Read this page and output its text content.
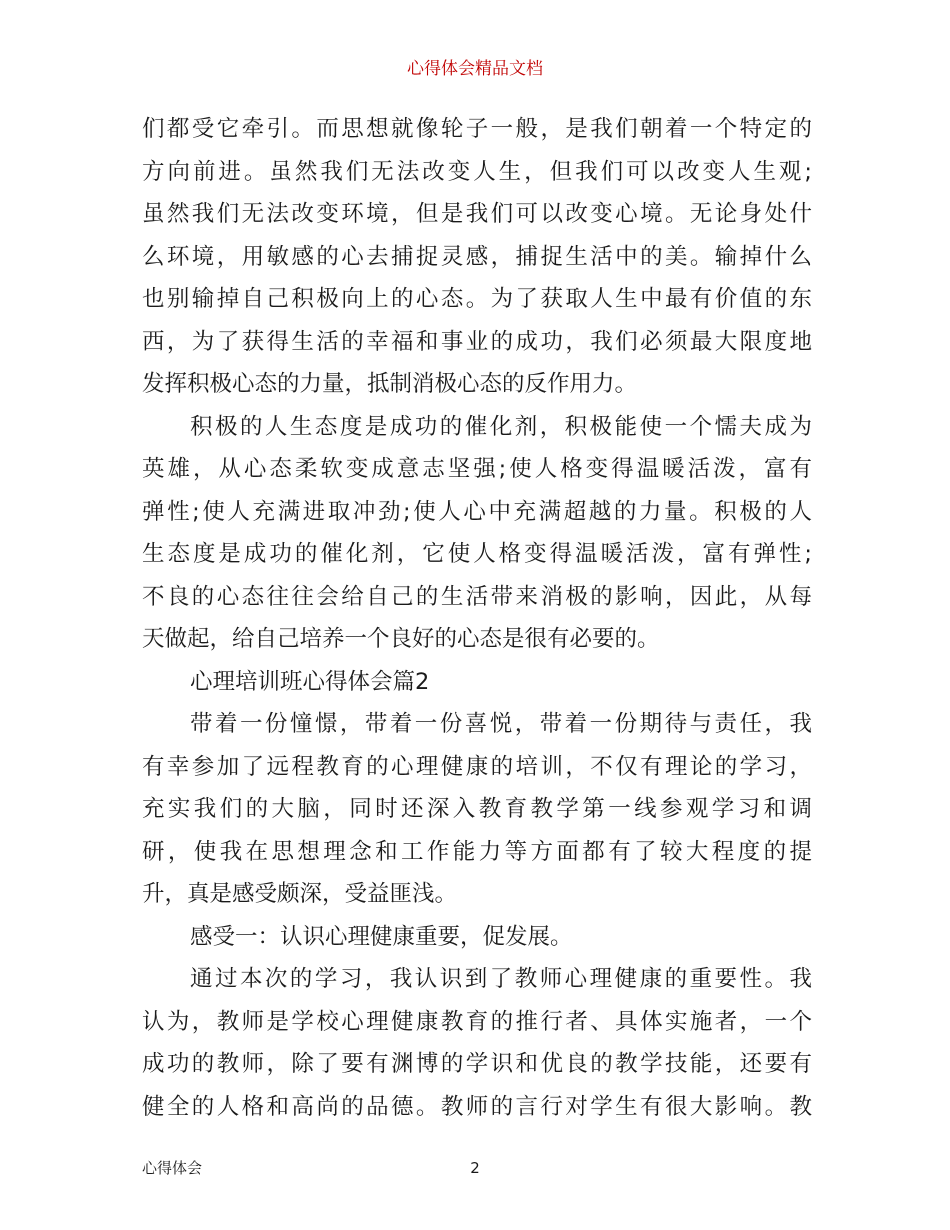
心得体会精品文档
们都受它牵引。而思想就像轮子一般，是我们朝着一个特定的
方向前进。虽然我们无法改变人生，但我们可以改变人生观;
虽然我们无法改变环境，但是我们可以改变心境。无论身处什
么环境，用敏感的心去捕捉灵感，捕捉生活中的美。输掉什么
也别输掉自己积极向上的心态。为了获取人生中最有价值的东
西，为了获得生活的幸福和事业的成功，我们必须最大限度地
发挥积极心态的力量，抵制消极心态的反作用力。
积极的人生态度是成功的催化剂，积极能使一个懦夫成为
英雄，从心态柔软变成意志坚强;使人格变得温暖活泼，富有
弹性;使人充满进取冲劲;使人心中充满超越的力量。积极的人
生态度是成功的催化剂，它使人格变得温暖活泼，富有弹性;
不良的心态往往会给自己的生活带来消极的影响，因此，从每
天做起，给自己培养一个良好的心态是很有必要的。
心理培训班心得体会篇2
带着一份憧憬，带着一份喜悦，带着一份期待与责任，我
有幸参加了远程教育的心理健康的培训，不仅有理论的学习，
充实我们的大脑，同时还深入教育教学第一线参观学习和调
研，使我在思想理念和工作能力等方面都有了较大程度的提
升，真是感受颇深，受益匪浅。
感受一：认识心理健康重要，促发展。
通过本次的学习，我认识到了教师心理健康的重要性。我
认为，教师是学校心理健康教育的推行者、具体实施者，一个
成功的教师，除了要有渊博的学识和优良的教学技能，还要有
健全的人格和高尚的品德。教师的言行对学生有很大影响。教
心得体会	2
